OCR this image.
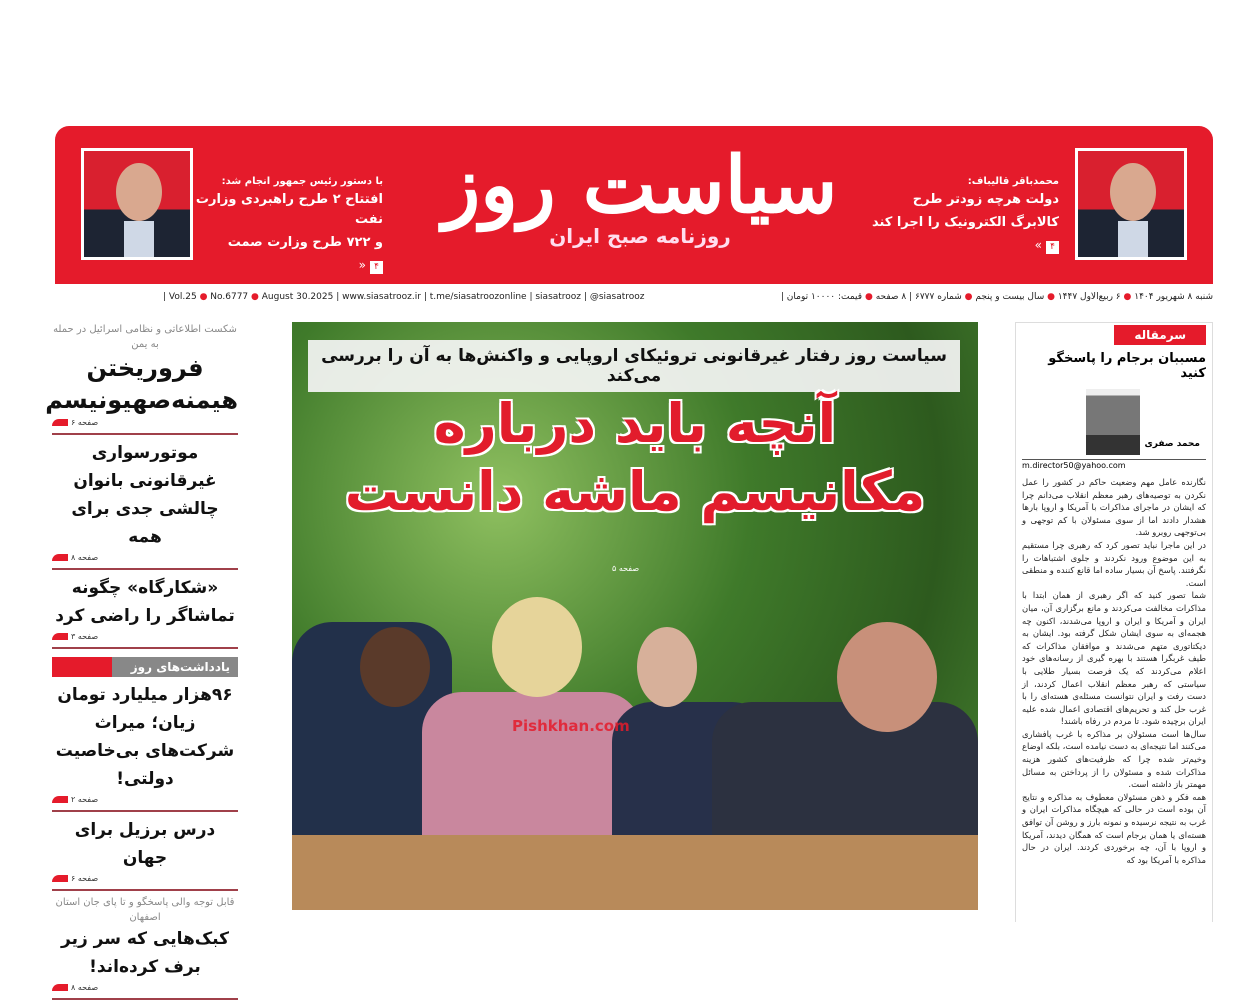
محمدباقر قالیباف:
دولت هرچه زودتر طرح
کالابرگ الکترونیک را اجرا کند
۴»
سیاست روز
روزنامه صبح ایران
با دستور رئیس جمهور انجام شد:
افتتاح ۲ طرح راهبردی وزارت نفت
و ۷۲۲ طرح وزارت صمت
۴«
| Vol.25 ● No.6777 ● August 30.2025 | www.siasatrooz.ir | t.me/siasatroozonline | siasatrooz | @siasatrooz	شنبه ۸ شهریور ۱۴۰۴ ● ۶ ربیع‌الاول ۱۴۴۷ ● سال بیست و پنجم ● شماره ۶۷۷۷ | ۸ صفحه ● قیمت: ۱۰۰۰۰ تومان |
شکست اطلاعاتی و نظامی اسرائیل در حمله به یمن
فروریختن هیمنه‌صهیونیسم
صفحه ۶
موتورسواری غیرقانونی بانوان چالشی جدی برای همه
صفحه ۸
«شکارگاه» چگونه تماشاگر را راضی کرد
صفحه ۳
یادداشت‌های روز
۹۶هزار میلیارد تومان زیان؛ میراث شرکت‌های بی‌خاصیت دولتی!
صفحه ۲
درس برزیل برای جهان
صفحه ۶
قابل توجه والی پاسخگو و تا پای جان استان اصفهان
کبک‌هایی که سر زیر برف کرده‌اند!
صفحه ۸
سیاست روز رفتار غیرقانونی تروئیکای اروپایی و واکنش‌ها به آن را بررسی می‌کند
آنچه باید درباره
مکانیسم ماشه دانست
صفحه ۵
Pishkhan.com
سرمقاله
مسببان برجام را پاسخگو کنید
محمد صفری
m.director50@yahoo.com

نگارنده عامل مهم وضعیت حاکم در کشور را عمل نکردن به توصیه‌های رهبر معظم انقلاب می‌دانم چرا که ایشان در ماجرای مذاکرات با آمریکا و اروپا بارها هشدار دادند اما از سوی مسئولان با کم توجهی و بی‌توجهی روبرو شد.

در این ماجرا نباید تصور کرد که رهبری چرا مستقیم به این موضوع ورود نکردند و جلوی اشتباهات را نگرفتند. پاسخ آن بسیار ساده اما قانع کننده و منطقی است.

شما تصور کنید که اگر رهبری از همان ابتدا با مذاکرات مخالفت می‌کردند و مانع برگزاری آن، میان ایران و آمریکا و ایران و اروپا می‌شدند، اکنون چه هجمه‌ای به سوی ایشان شکل گرفته بود. ایشان به دیکتاتوری متهم می‌شدند و موافقان مذاکرات که طیف غربگرا هستند با بهره گیری از رسانه‌های خود اعلام می‌کردند که یک فرصت بسیار طلایی با سیاستی که رهبر معظم انقلاب اعمال کردند، از دست رفت و ایران نتوانست مسئله‌ی هسته‌ای را با غرب حل کند و تحریم‌های اقتصادی اعمال شده علیه ایران برچیده شود. تا مردم در رفاه باشند!

سال‌ها است مسئولان بر مذاکره با غرب پافشاری می‌کنند اما نتیجه‌ای به دست نیامده است، بلکه اوضاع وخیم‌تر شده چرا که ظرفیت‌های کشور هزینه مذاکرات شده و مسئولان را از پرداختن به مسائل مهمتر باز داشته است.

همه فکر و ذهن مسئولان معطوف به مذاکره و نتایج آن بوده است در حالی که هیچگاه مذاکرات ایران و غرب به نتیجه نرسیده و نمونه بارز و روشن آن توافق هسته‌ای یا همان برجام است که همگان دیدند، آمریکا و اروپا با آن، چه برخوردی کردند. ایران در حال مذاکره با آمریکا بود که
